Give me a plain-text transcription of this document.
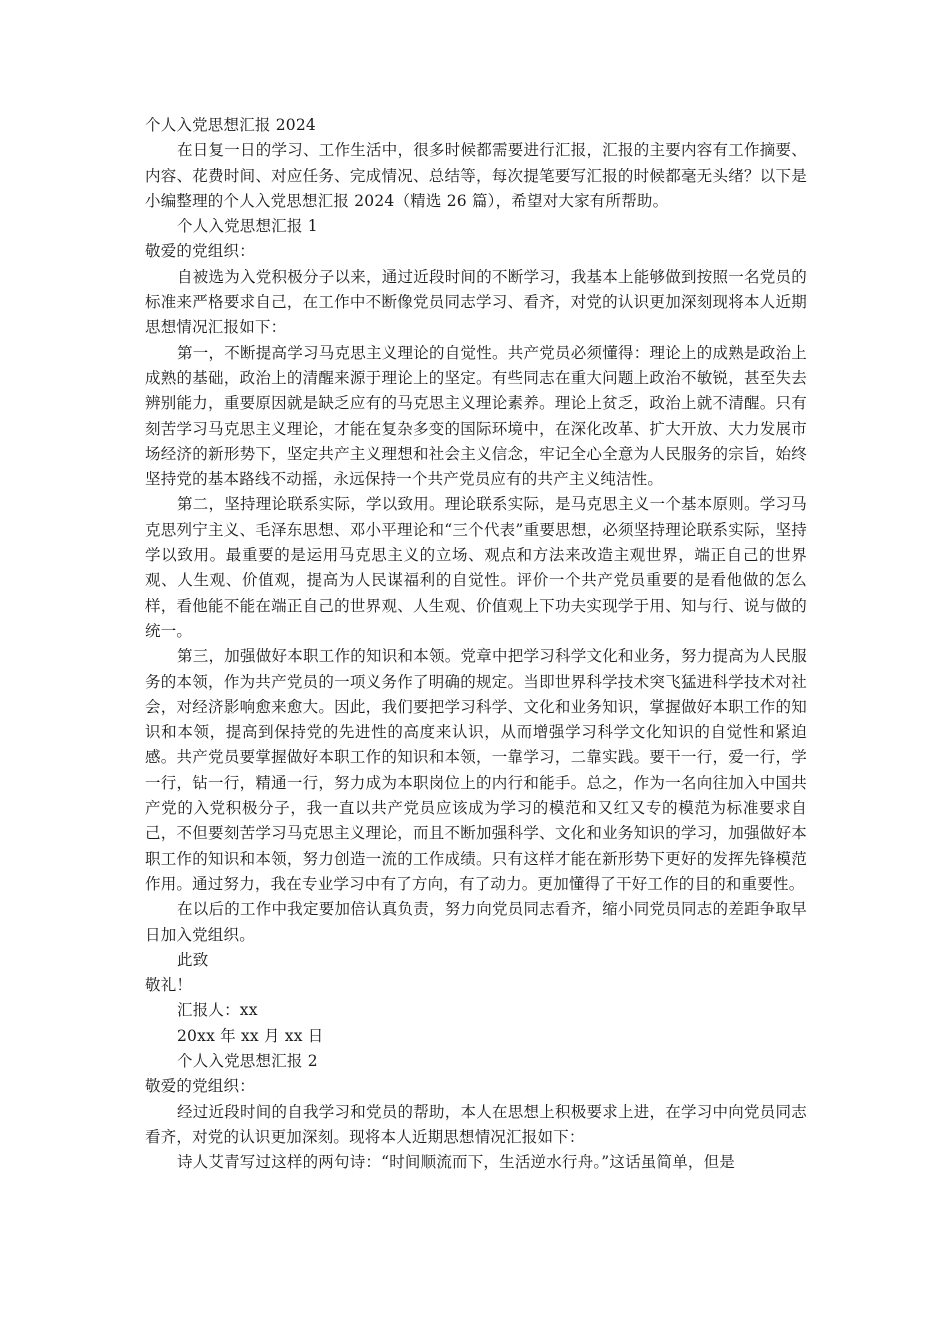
个人入党思想汇报 2024

在日复一日的学习、工作生活中，很多时候都需要进行汇报，汇报的主要内容有工作摘要、内容、花费时间、对应任务、完成情况、总结等，每次提笔要写汇报的时候都毫无头绪？以下是小编整理的个人入党思想汇报 2024（精选 26 篇），希望对大家有所帮助。

个人入党思想汇报 1

敬爱的党组织：

自被选为入党积极分子以来，通过近段时间的不断学习，我基本上能够做到按照一名党员的标准来严格要求自己，在工作中不断像党员同志学习、看齐，对党的认识更加深刻现将本人近期思想情况汇报如下：

第一，不断提高学习马克思主义理论的自觉性。共产党员必须懂得：理论上的成熟是政治上成熟的基础，政治上的清醒来源于理论上的坚定。有些同志在重大问题上政治不敏锐，甚至失去辨别能力，重要原因就是缺乏应有的马克思主义理论素养。理论上贫乏，政治上就不清醒。只有刻苦学习马克思主义理论，才能在复杂多变的国际环境中，在深化改革、扩大开放、大力发展市场经济的新形势下，坚定共产主义理想和社会主义信念，牢记全心全意为人民服务的宗旨，始终坚持党的基本路线不动摇，永远保持一个共产党员应有的共产主义纯洁性。

第二，坚持理论联系实际，学以致用。理论联系实际，是马克思主义一个基本原则。学习马克思列宁主义、毛泽东思想、邓小平理论和“三个代表”重要思想，必须坚持理论联系实际，坚持学以致用。最重要的是运用马克思主义的立场、观点和方法来改造主观世界，端正自己的世界观、人生观、价值观，提高为人民谋福利的自觉性。评价一个共产党员重要的是看他做的怎么样，看他能不能在端正自己的世界观、人生观、价值观上下功夫实现学于用、知与行、说与做的统一。

第三，加强做好本职工作的知识和本领。党章中把学习科学文化和业务，努力提高为人民服务的本领，作为共产党员的一项义务作了明确的规定。当即世界科学技术突飞猛进科学技术对社会，对经济影响愈来愈大。因此，我们要把学习科学、文化和业务知识，掌握做好本职工作的知识和本领，提高到保持党的先进性的高度来认识，从而增强学习科学文化知识的自觉性和紧迫感。共产党员要掌握做好本职工作的知识和本领，一靠学习，二靠实践。要干一行，爱一行，学一行，钻一行，精通一行，努力成为本职岗位上的内行和能手。总之，作为一名向往加入中国共产党的入党积极分子，我一直以共产党员应该成为学习的模范和又红又专的模范为标准要求自己，不但要刻苦学习马克思主义理论，而且不断加强科学、文化和业务知识的学习，加强做好本职工作的知识和本领，努力创造一流的工作成绩。只有这样才能在新形势下更好的发挥先锋模范作用。通过努力，我在专业学习中有了方向，有了动力。更加懂得了干好工作的目的和重要性。

在以后的工作中我定要加倍认真负责，努力向党员同志看齐，缩小同党员同志的差距争取早日加入党组织。

此致

敬礼！

汇报人：xx

20xx 年 xx 月 xx 日

个人入党思想汇报 2

敬爱的党组织：

经过近段时间的自我学习和党员的帮助，本人在思想上积极要求上进，在学习中向党员同志看齐，对党的认识更加深刻。现将本人近期思想情况汇报如下：

诗人艾青写过这样的两句诗：“时间顺流而下，生活逆水行舟。”这话虽简单，但是
